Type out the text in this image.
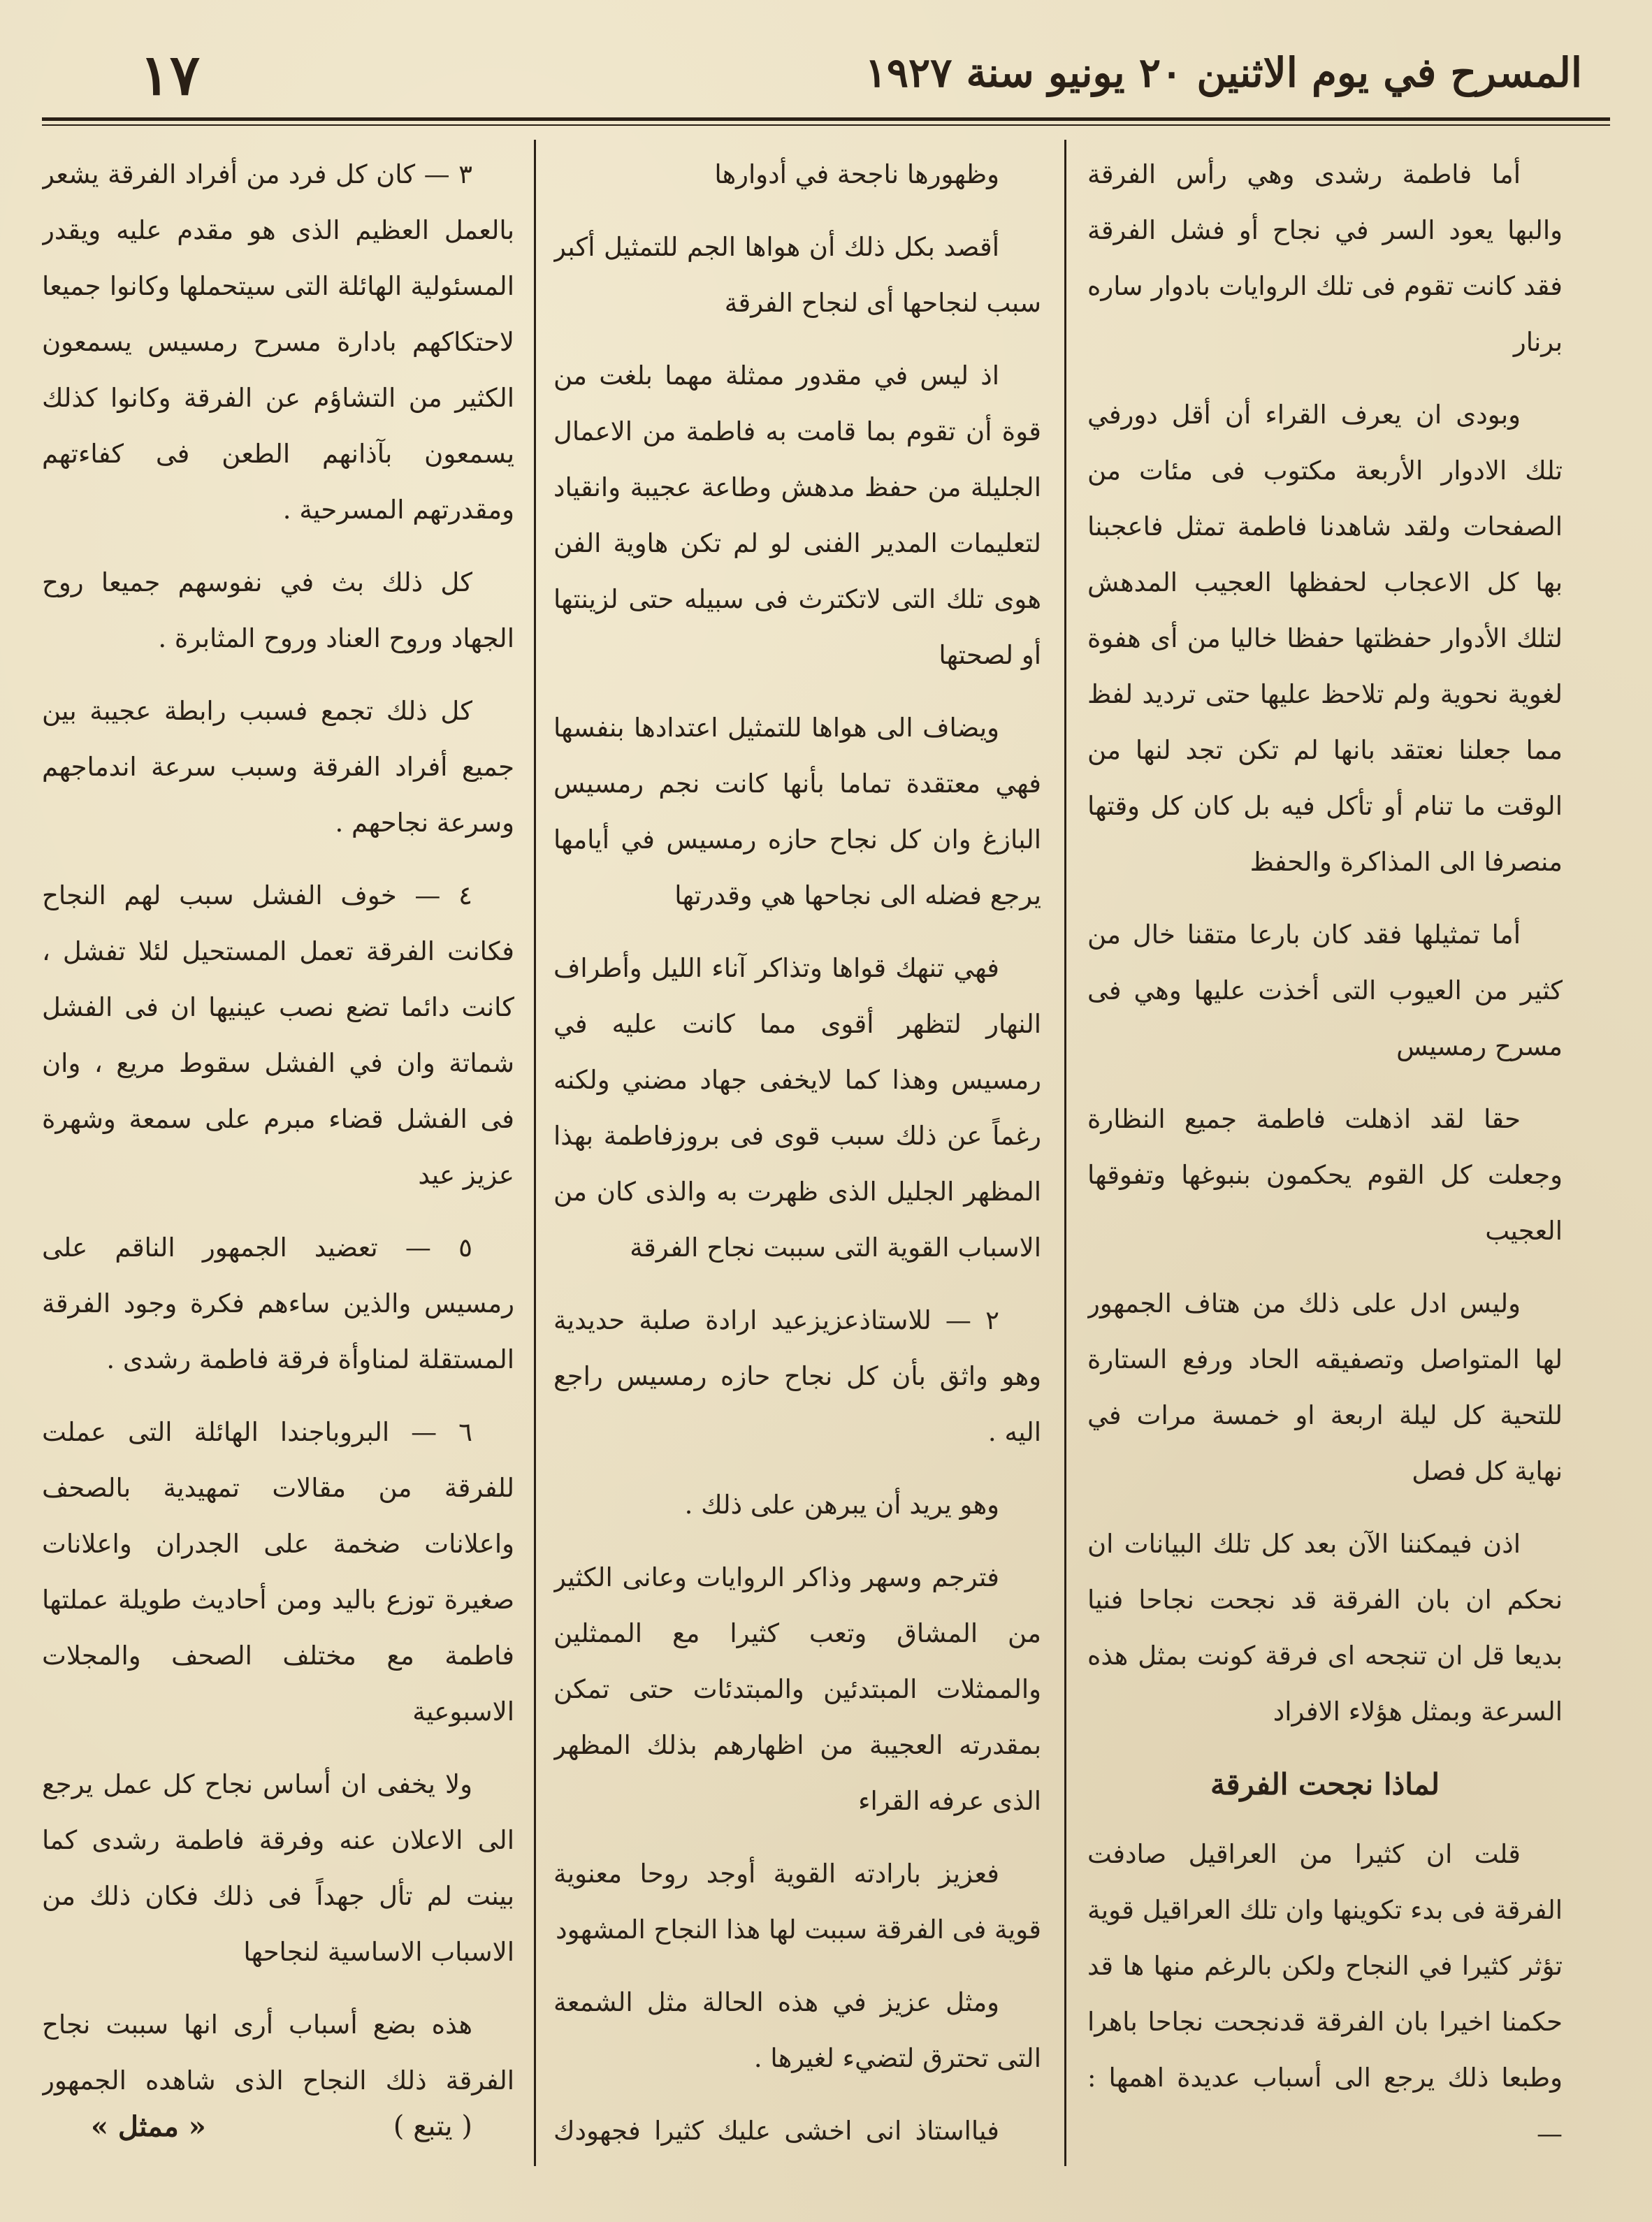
المسرح في يوم الاثنين ٢٠ يونيو سنة ١٩٢٧
١٧

أما فاطمة رشدى وهي رأس الفرقة والبها يعود السر في نجاح أو فشل الفرقة فقد كانت تقوم فى تلك الروايات بادوار ساره برنار

وبودى ان يعرف القراء أن أقل دورفي تلك الادوار الأربعة مكتوب فى مئات من الصفحات ولقد شاهدنا فاطمة تمثل فاعجبنا بها كل الاعجاب لحفظها العجيب المدهش لتلك الأدوار حفظتها حفظا خاليا من أى هفوة لغوية نحوية ولم تلاحظ عليها حتى ترديد لفظ مما جعلنا نعتقد بانها لم تكن تجد لنها من الوقت ما تنام أو تأكل فيه بل كان كل وقتها منصرفا الى المذاكرة والحفظ

أما تمثيلها فقد كان بارعا متقنا خال من كثير من العيوب التى أخذت عليها وهي فى مسرح رمسيس

حقا لقد اذهلت فاطمة جميع النظارة وجعلت كل القوم يحكمون بنبوغها وتفوقها العجيب

وليس ادل على ذلك من هتاف الجمهور لها المتواصل وتصفيقه الحاد ورفع الستارة للتحية كل ليلة اربعة او خمسة مرات في نهاية كل فصل

اذن فيمكننا الآن بعد كل تلك البيانات ان نحكم ان بان الفرقة قد نجحت نجاحا فنيا بديعا قل ان تنجحه اى فرقة كونت بمثل هذه السرعة وبمثل هؤلاء الافراد

لماذا نجحت الفرقة

قلت ان كثيرا من العراقيل صادفت الفرقة فى بدء تكوينها وان تلك العراقيل قوية تؤثر كثيرا في النجاح ولكن بالرغم منها ها قد حكمنا اخيرا بان الفرقة قدنجحت نجاحا باهرا وطبعا ذلك يرجع الى أسباب عديدة اهمها : —

وظهورها ناجحة في أدوارها

أقصد بكل ذلك أن هواها الجم للتمثيل أكبر سبب لنجاحها أى لنجاح الفرقة

اذ ليس في مقدور ممثلة مهما بلغت من قوة أن تقوم بما قامت به فاطمة من الاعمال الجليلة من حفظ مدهش وطاعة عجيبة وانقياد لتعليمات المدير الفنى لو لم تكن هاوية الفن هوى تلك التى لاتكترث فى سبيله حتى لزينتها أو لصحتها

ويضاف الى هواها للتمثيل اعتدادها بنفسها فهي معتقدة تماما بأنها كانت نجم رمسيس البازغ وان كل نجاح حازه رمسيس في أيامها يرجع فضله الى نجاحها هي وقدرتها

فهي تنهك قواها وتذاكر آناء الليل وأطراف النهار لتظهر أقوى مما كانت عليه في رمسيس وهذا كما لايخفى جهاد مضني ولكنه رغماً عن ذلك سبب قوى فى بروزفاطمة بهذا المظهر الجليل الذى ظهرت به والذى كان من الاسباب القوية التى سببت نجاح الفرقة

٢ — للاستاذعزيزعيد ارادة صلبة حديدية وهو واثق بأن كل نجاح حازه رمسيس راجع اليه .

وهو يريد أن يبرهن على ذلك .

فترجم وسهر وذاكر الروايات وعانى الكثير من المشاق وتعب كثيرا مع الممثلين والممثلات المبتدئين والمبتدئات حتى تمكن بمقدرته العجيبة من اظهارهم بذلك المظهر الذى عرفه القراء

فعزيز بارادته القوية أوجد روحا معنوية قوية فى الفرقة سببت لها هذا النجاح المشهود

ومثل عزيز في هذه الحالة مثل الشمعة التى تحترق لتضيء لغيرها .

فيااستاذ انى اخشى عليك كثيرا فجهودك

٣ — كان كل فرد من أفراد الفرقة يشعر بالعمل العظيم الذى هو مقدم عليه ويقدر المسئولية الهائلة التى سيتحملها وكانوا جميعا لاحتكاكهم بادارة مسرح رمسيس يسمعون الكثير من التشاؤم عن الفرقة وكانوا كذلك يسمعون بآذانهم الطعن فى كفاءتهم ومقدرتهم المسرحية .

كل ذلك بث في نفوسهم جميعا روح الجهاد وروح العناد وروح المثابرة .

كل ذلك تجمع فسبب رابطة عجيبة بين جميع أفراد الفرقة وسبب سرعة اندماجهم وسرعة نجاحهم .

٤ — خوف الفشل سبب لهم النجاح فكانت الفرقة تعمل المستحيل لئلا تفشل ، كانت دائما تضع نصب عينيها ان فى الفشل شماتة وان في الفشل سقوط مريع ، وان فى الفشل قضاء مبرم على سمعة وشهرة عزيز عيد

٥ — تعضيد الجمهور الناقم على رمسيس والذين ساءهم فكرة وجود الفرقة المستقلة لمناوأة فرقة فاطمة رشدى .

٦ — البروباجندا الهائلة التى عملت للفرقة من مقالات تمهيدية بالصحف واعلانات ضخمة على الجدران واعلانات صغيرة توزع باليد ومن أحاديث طويلة عملتها فاطمة مع مختلف الصحف والمجلات الاسبوعية

ولا يخفى ان أساس نجاح كل عمل يرجع الى الاعلان عنه وفرقة فاطمة رشدى كما بينت لم تأل جهداً فى ذلك فكان ذلك من الاسباب الاساسية لنجاحها

هذه بضع أسباب أرى انها سببت نجاح الفرقة ذلك النجاح الذى شاهده الجمهور

( يتبع )
« ممثل »
